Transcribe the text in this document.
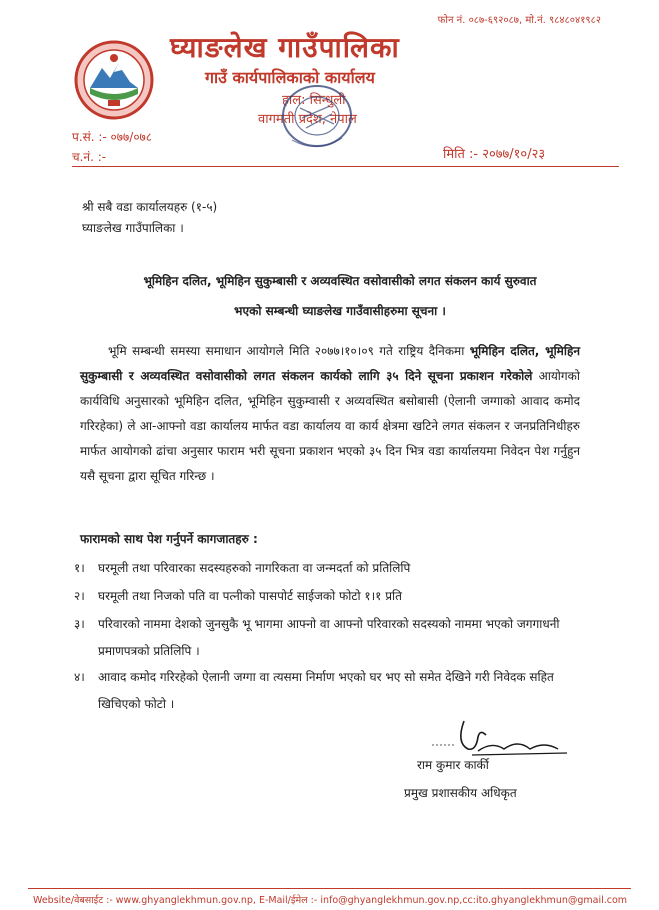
फोन नं. ०८७-६९२०८७, मो.नं. ९८४८०४१९८२
घ्याङलेख गाउँपालिका
गाउँ कार्यपालिकाको कार्यालय
हाल: सिन्धुली
वागमती प्रदेश, नेपाल
प.सं. :- ०७७/०७८
च.नं. :-	मिति :- २०७७/१०/२३
श्री सबै वडा कार्यालयहरु (१-५)
घ्याङलेख गाउँपालिका ।
भूमिहिन दलित, भूमिहिन सुकुम्बासी र अव्यवस्थित वसोवासीको लगत संकलन कार्य सुरुवात
भएको सम्बन्धी घ्याङलेख गाउँवासीहरुमा सूचना ।
भूमि सम्बन्धी समस्या समाधान आयोगले मिति २०७७।१०।०९ गते राष्ट्रिय दैनिकमा भूमिहिन दलित, भूमिहिन सुकुम्बासी र अव्यवस्थित वसोवासीको लगत संकलन कार्यको लागि ३५ दिने सूचना प्रकाशन गरेकोले आयोगको कार्यविधि अनुसारको भूमिहिन दलित, भूमिहिन सुकुम्वासी र अव्यवस्थित बसोबासी (ऐलानी जग्गाको आवाद कमोद गरिरहेका) ले आ-आफ्नो वडा कार्यालय मार्फत वडा कार्यालय वा कार्य क्षेत्रमा खटिने लगत संकलन र जनप्रतिनिधीहरु मार्फत आयोगको ढांचा अनुसार फाराम भरी सूचना प्रकाशन भएको ३५ दिन भित्र वडा कार्यालयमा निवेदन पेश गर्नुहुन यसै सूचना द्वारा सूचित गरिन्छ ।
फारामको साथ पेश गर्नुपर्ने कागजातहरु :
१। घरमूली तथा परिवारका सदस्यहरुको नागरिकता वा जन्मदर्ता को प्रतिलिपि
२। घरमूली तथा निजको पति वा पत्नीको पासपोर्ट साईजको फोटो १।१ प्रति
३। परिवारको नाममा देशको जुनसुकै भू भागमा आफ्नो वा आफ्नो परिवारको सदस्यको नाममा भएको जगगाधनी प्रमाणपत्रको प्रतिलिपि ।
४। आवाद कमोद गरिरहेको ऐलानी जग्गा वा त्यसमा निर्माण भएको घर भए सो समेत देखिने गरी निवेदक सहित खिचिएको फोटो ।
राम कुमार कार्की
प्रमुख प्रशासकीय अधिकृत
Website/वेबसाईट :- www.ghyanglekhmun.gov.np, E-Mail/ईमेल :- info@ghyanglekhmun.gov.np,cc:ito.ghyanglekhmun@gmail.com
